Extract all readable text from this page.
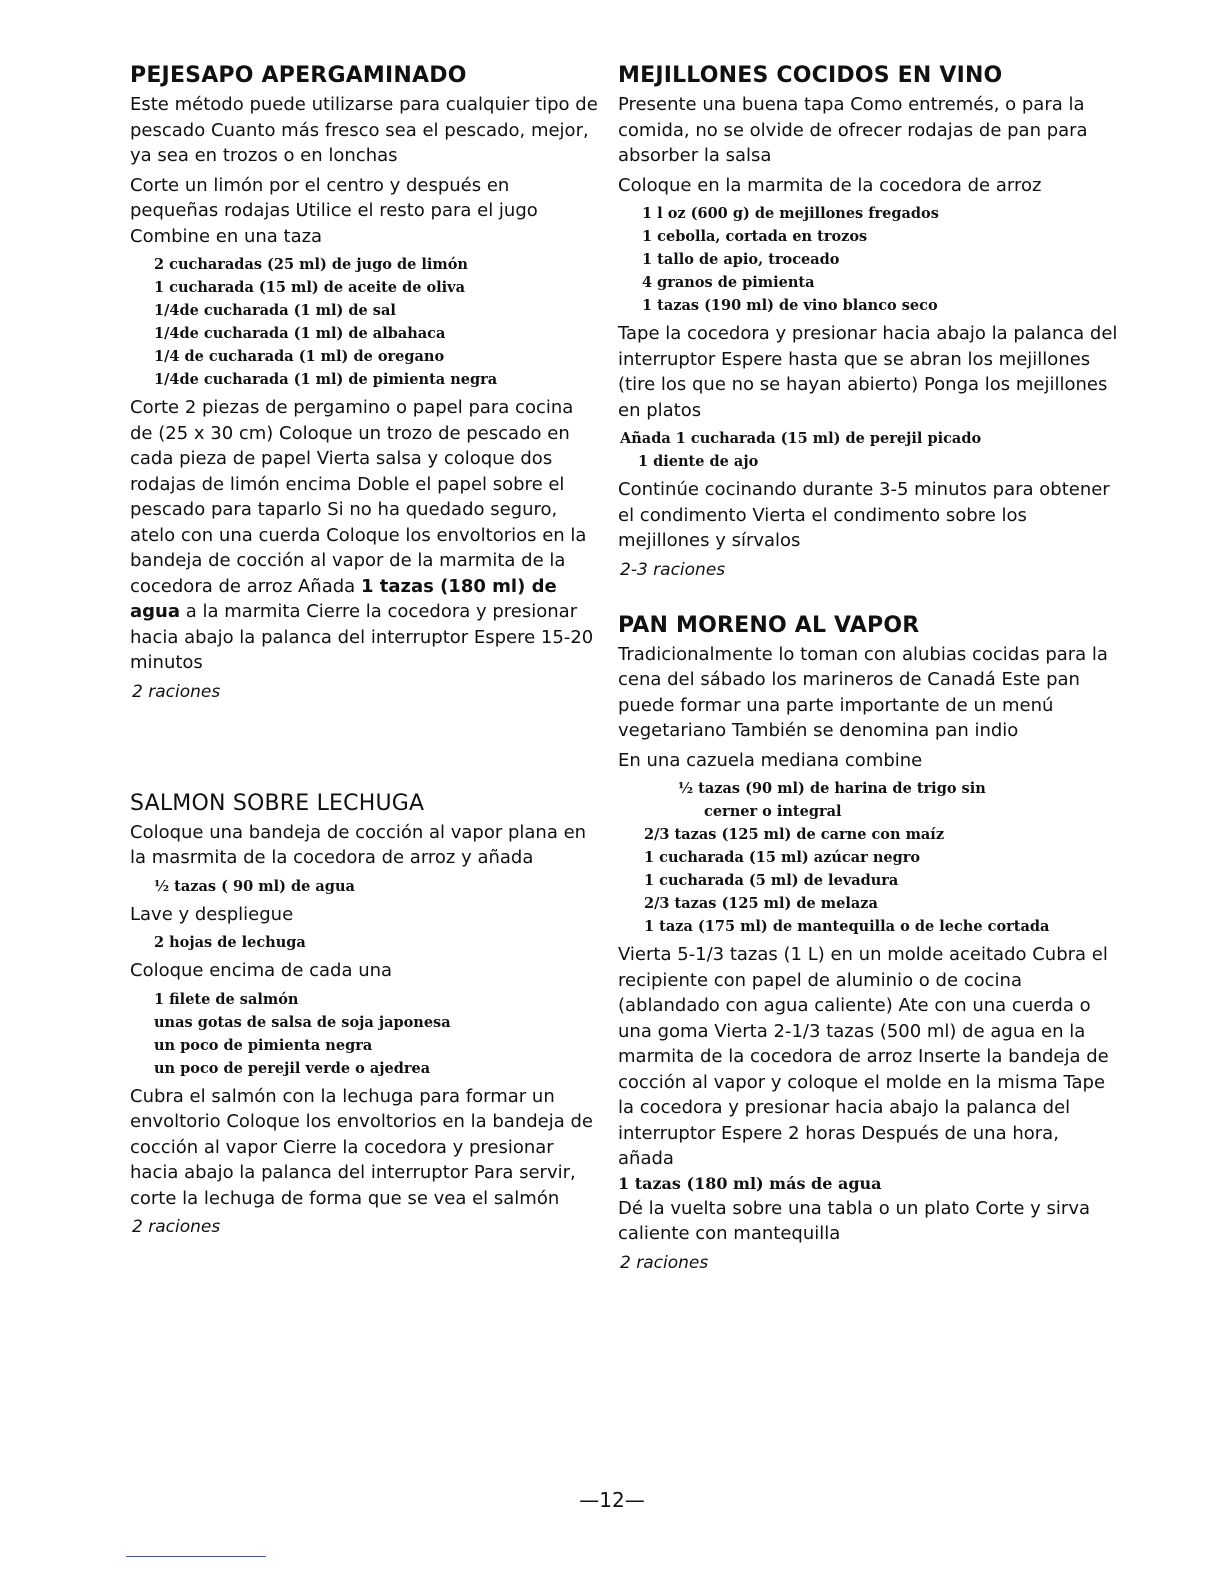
PEJESAPO APERGAMINADO

Este método puede utilizarse para cualquier tipo de pescado Cuanto más fresco sea el pescado, mejor, ya sea en trozos o en lonchas

Corte un limón por el centro y después en pequeñas rodajas Utilice el resto para el jugo Combine en una taza

2 cucharadas (25 ml) de jugo de limón
1 cucharada (15 ml) de aceite de oliva
1/4de cucharada (1 ml) de sal
1/4de cucharada (1 ml) de albahaca
1/4 de cucharada (1 ml) de oregano
1/4de cucharada (1 ml) de pimienta negra

Corte 2 piezas de pergamino o papel para cocina de (25 x 30 cm) Coloque un trozo de pescado en cada pieza de papel Vierta salsa y coloque dos rodajas de limón encima Doble el papel sobre el pescado para taparlo Si no ha quedado seguro, atelo con una cuerda Coloque los envoltorios en la bandeja de cocción al vapor de la marmita de la cocedora de arroz Añada 1 tazas (180 ml) de agua a la marmita Cierre la cocedora y presionar hacia abajo la palanca del interruptor Espere 15-20 minutos

2 raciones
SALMON SOBRE LECHUGA

Coloque una bandeja de cocción al vapor plana en la masrmita de la cocedora de arroz y añada

½ tazas ( 90 ml) de agua

Lave y despliegue

2 hojas de lechuga

Coloque encima de cada una

1 filete de salmón
unas gotas de salsa de soja japonesa
un poco de pimienta negra
un poco de perejil verde o ajedrea

Cubra el salmón con la lechuga para formar un envoltorio Coloque los envoltorios en la bandeja de cocción al vapor Cierre la cocedora y presionar hacia abajo la palanca del interruptor Para servir, corte la lechuga de forma que se vea el salmón

2 raciones
MEJILLONES COCIDOS EN VINO

Presente una buena tapa Como entremés, o para la comida, no se olvide de ofrecer rodajas de pan para absorber la salsa

Coloque en la marmita de la cocedora de arroz

1 l oz (600 g) de mejillones fregados
1 cebolla, cortada en trozos
1 tallo de apio, troceado
4 granos de pimienta
1 tazas (190 ml) de vino blanco seco

Tape la cocedora y presionar hacia abajo la palanca del interruptor Espere hasta que se abran los mejillones (tire los que no se hayan abierto) Ponga los mejillones en platos

Añada 1 cucharada (15 ml) de perejil picado
1 diente de ajo

Continúe cocinando durante 3-5 minutos para obtener el condimento Vierta el condimento sobre los mejillones y sírvalos

2-3 raciones
PAN MORENO AL VAPOR

Tradicionalmente lo toman con alubias cocidas para la cena del sábado los marineros de Canadá Este pan puede formar una parte importante de un menú vegetariano También se denomina pan indio

En una cazuela mediana combine

½ tazas (90 ml) de harina de trigo sin
cerner o integral
2/3 tazas (125 ml) de carne con maíz
1 cucharada (15 ml) azúcar negro
1 cucharada (5 ml) de levadura
2/3 tazas (125 ml) de melaza
1 taza (175 ml) de mantequilla o de leche cortada

Vierta 5-1/3 tazas (1 L) en un molde aceitado Cubra el recipiente con papel de aluminio o de cocina (ablandado con agua caliente) Ate con una cuerda o una goma Vierta 2-1/3 tazas (500 ml) de agua en la marmita de la cocedora de arroz Inserte la bandeja de cocción al vapor y coloque el molde en la misma Tape la cocedora y presionar hacia abajo la palanca del interruptor Espere 2 horas Después de una hora, añada

1 tazas (180 ml) más de agua

Dé la vuelta sobre una tabla o un plato Corte y sirva caliente con mantequilla

2 raciones
—12—
